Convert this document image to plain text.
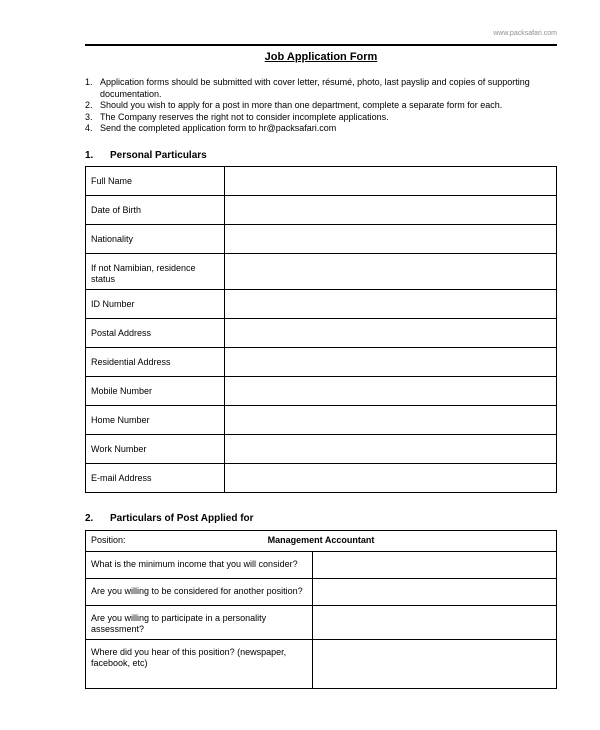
www.packsafari.com
Job Application Form
1. Application forms should be submitted with cover letter, résumé, photo, last payslip and copies of supporting documentation.
2. Should you wish to apply for a post in more than one department, complete a separate form for each.
3. The Company reserves the right not to consider incomplete applications.
4. Send the completed application form to hr@packsafari.com
1. Personal Particulars
Full Name
Date of Birth
Nationality
If not Namibian, residence status
ID Number
Postal Address
Residential Address
Mobile Number
Home Number
Work Number
E-mail Address
2. Particulars of Post Applied for
Position:	Management Accountant
What is the minimum income that you will consider?
Are you willing to be considered for another position?
Are you willing to participate in a personality assessment?
Where did you hear of this position? (newspaper, facebook, etc)
